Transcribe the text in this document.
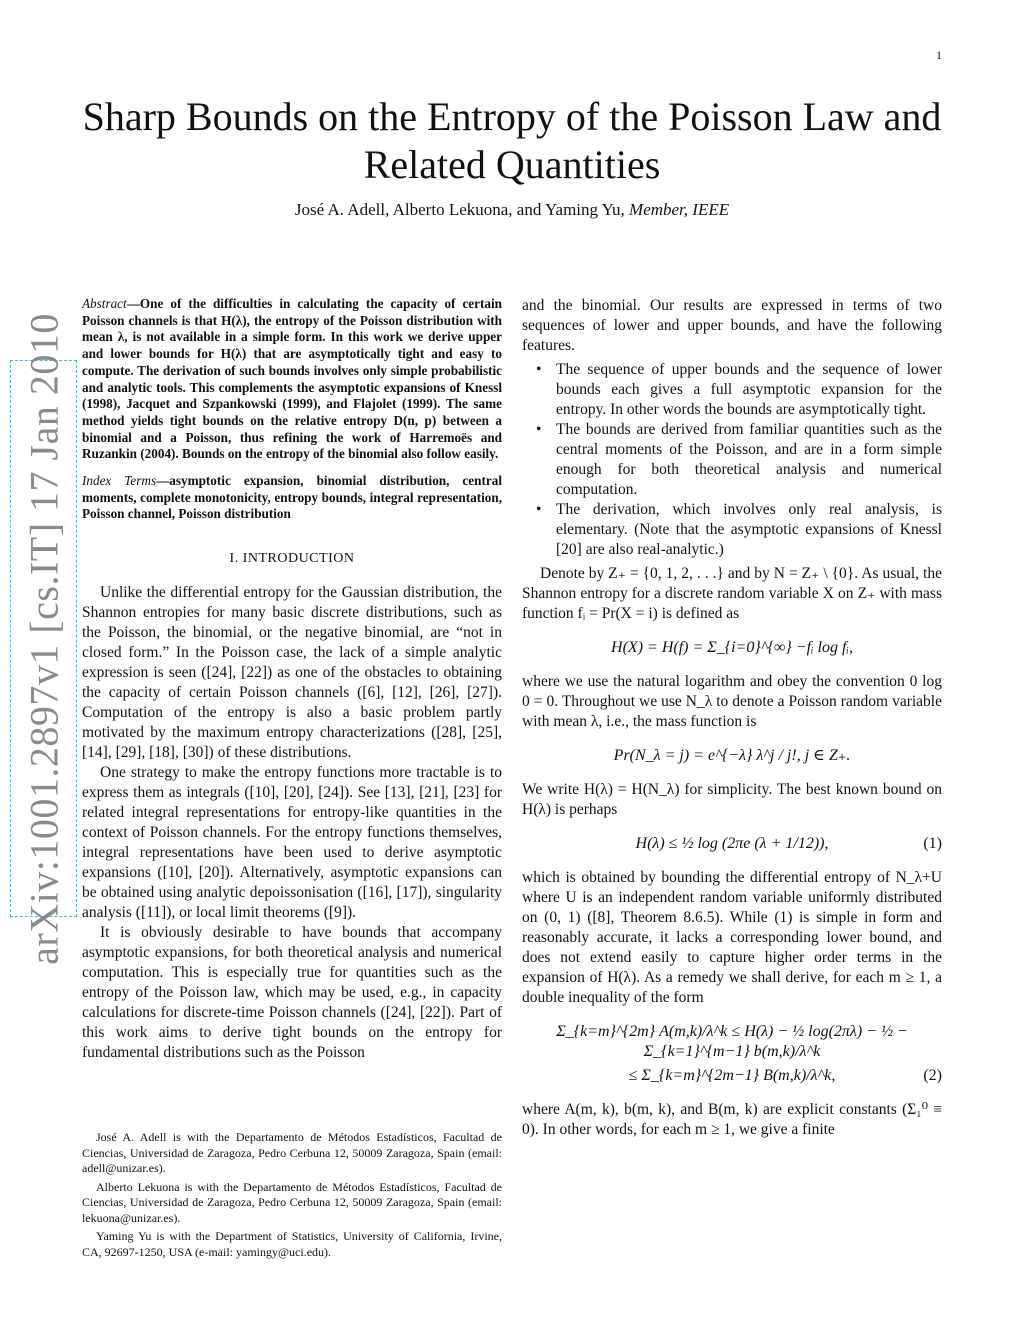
1
arXiv:1001.2897v1 [cs.IT] 17 Jan 2010
Sharp Bounds on the Entropy of the Poisson Law and Related Quantities
José A. Adell, Alberto Lekuona, and Yaming Yu, Member, IEEE
Abstract—One of the difficulties in calculating the capacity of certain Poisson channels is that H(λ), the entropy of the Poisson distribution with mean λ, is not available in a simple form. In this work we derive upper and lower bounds for H(λ) that are asymptotically tight and easy to compute. The derivation of such bounds involves only simple probabilistic and analytic tools. This complements the asymptotic expansions of Knessl (1998), Jacquet and Szpankowski (1999), and Flajolet (1999). The same method yields tight bounds on the relative entropy D(n, p) between a binomial and a Poisson, thus refining the work of Harremoës and Ruzankin (2004). Bounds on the entropy of the binomial also follow easily.
Index Terms—asymptotic expansion, binomial distribution, central moments, complete monotonicity, entropy bounds, integral representation, Poisson channel, Poisson distribution
I. INTRODUCTION

Unlike the differential entropy for the Gaussian distribution, the Shannon entropies for many basic discrete distributions, such as the Poisson, the binomial, or the negative binomial, are “not in closed form.” In the Poisson case, the lack of a simple analytic expression is seen ([24], [22]) as one of the obstacles to obtaining the capacity of certain Poisson channels ([6], [12], [26], [27]). Computation of the entropy is also a basic problem partly motivated by the maximum entropy characterizations ([28], [25], [14], [29], [18], [30]) of these distributions.

One strategy to make the entropy functions more tractable is to express them as integrals ([10], [20], [24]). See [13], [21], [23] for related integral representations for entropy-like quantities in the context of Poisson channels. For the entropy functions themselves, integral representations have been used to derive asymptotic expansions ([10], [20]). Alternatively, asymptotic expansions can be obtained using analytic depoissonisation ([16], [17]), singularity analysis ([11]), or local limit theorems ([9]).

It is obviously desirable to have bounds that accompany asymptotic expansions, for both theoretical analysis and numerical computation. This is especially true for quantities such as the entropy of the Poisson law, which may be used, e.g., in capacity calculations for discrete-time Poisson channels ([24], [22]). Part of this work aims to derive tight bounds on the entropy for fundamental distributions such as the Poisson

José A. Adell is with the Departamento de Métodos Estadísticos, Facultad de Ciencias, Universidad de Zaragoza, Pedro Cerbuna 12, 50009 Zaragoza, Spain (email: adell@unizar.es).
Alberto Lekuona is with the Departamento de Métodos Estadísticos, Facultad de Ciencias, Universidad de Zaragoza, Pedro Cerbuna 12, 50009 Zaragoza, Spain (email: lekuona@unizar.es).
Yaming Yu is with the Department of Statistics, University of California, Irvine, CA, 92697-1250, USA (e-mail: yamingy@uci.edu).

and the binomial. Our results are expressed in terms of two sequences of lower and upper bounds, and have the following features.

• The sequence of upper bounds and the sequence of lower bounds each gives a full asymptotic expansion for the entropy. In other words the bounds are asymptotically tight.
• The bounds are derived from familiar quantities such as the central moments of the Poisson, and are in a form simple enough for both theoretical analysis and numerical computation.
• The derivation, which involves only real analysis, is elementary. (Note that the asymptotic expansions of Knessl [20] are also real-analytic.)

Denote by Z₊ = {0, 1, 2, . . .} and by N = Z₊ \ {0}. As usual, the Shannon entropy for a discrete random variable X on Z₊ with mass function fᵢ = Pr(X = i) is defined as

H(X) = H(f) = Σ_{i=0}^{∞} −fᵢ log fᵢ,

where we use the natural logarithm and obey the convention 0 log 0 = 0. Throughout we use N_λ to denote a Poisson random variable with mean λ, i.e., the mass function is

Pr(N_λ = j) = e^{−λ} λ^j / j!, j ∈ Z₊.

We write H(λ) = H(N_λ) for simplicity. The best known bound on H(λ) is perhaps

H(λ) ≤ ½ log (2πe (λ + 1/12)),	(1)

which is obtained by bounding the differential entropy of N_λ+U where U is an independent random variable uniformly distributed on (0, 1) ([8], Theorem 8.6.5). While (1) is simple in form and reasonably accurate, it lacks a corresponding lower bound, and does not extend easily to capture higher order terms in the expansion of H(λ). As a remedy we shall derive, for each m ≥ 1, a double inequality of the form

Σ_{k=m}^{2m} A(m,k)/λ^k ≤ H(λ) − ½ log(2πλ) − ½ − Σ_{k=1}^{m−1} b(m,k)/λ^k
≤ Σ_{k=m}^{2m−1} B(m,k)/λ^k,	(2)

where A(m, k), b(m, k), and B(m, k) are explicit constants (Σ₁⁰ ≡ 0). In other words, for each m ≥ 1, we give a finite
